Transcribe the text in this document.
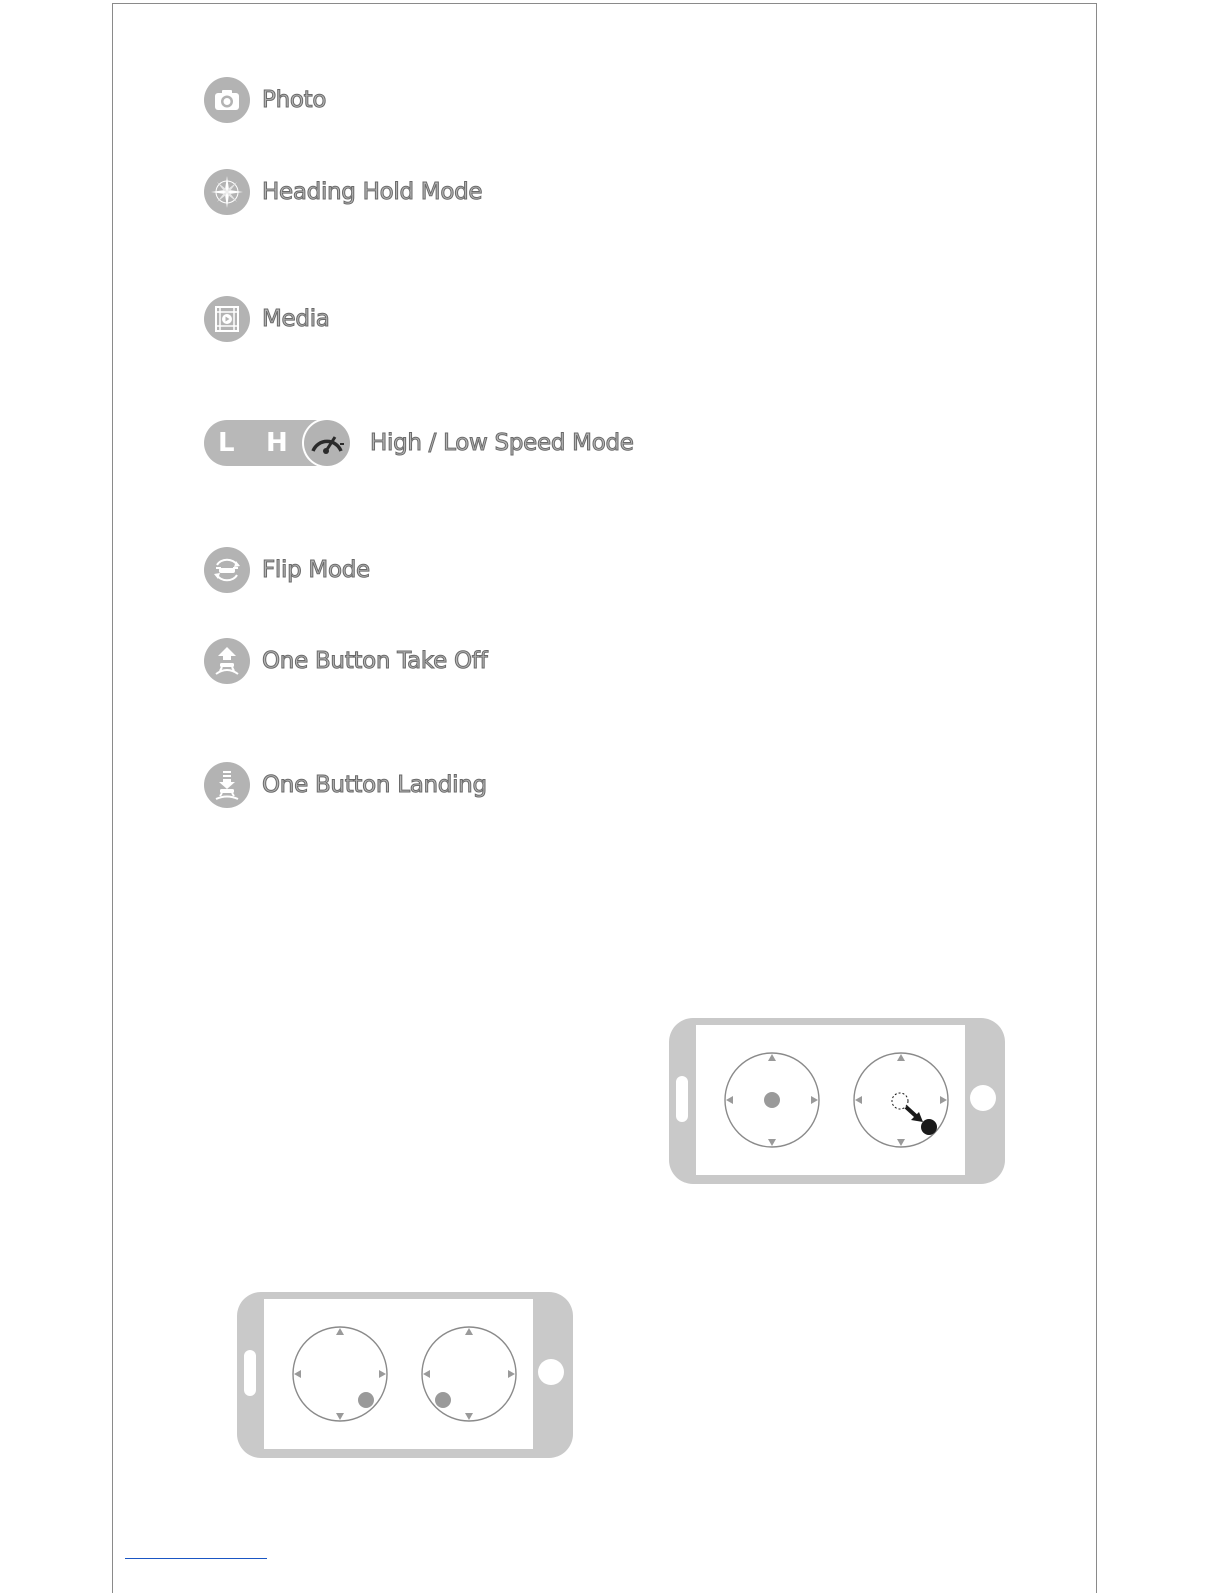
Photo
Heading Hold Mode
Media
L H	High / Low Speed Mode
Flip Mode
One Button Take Off
One Button Landing
